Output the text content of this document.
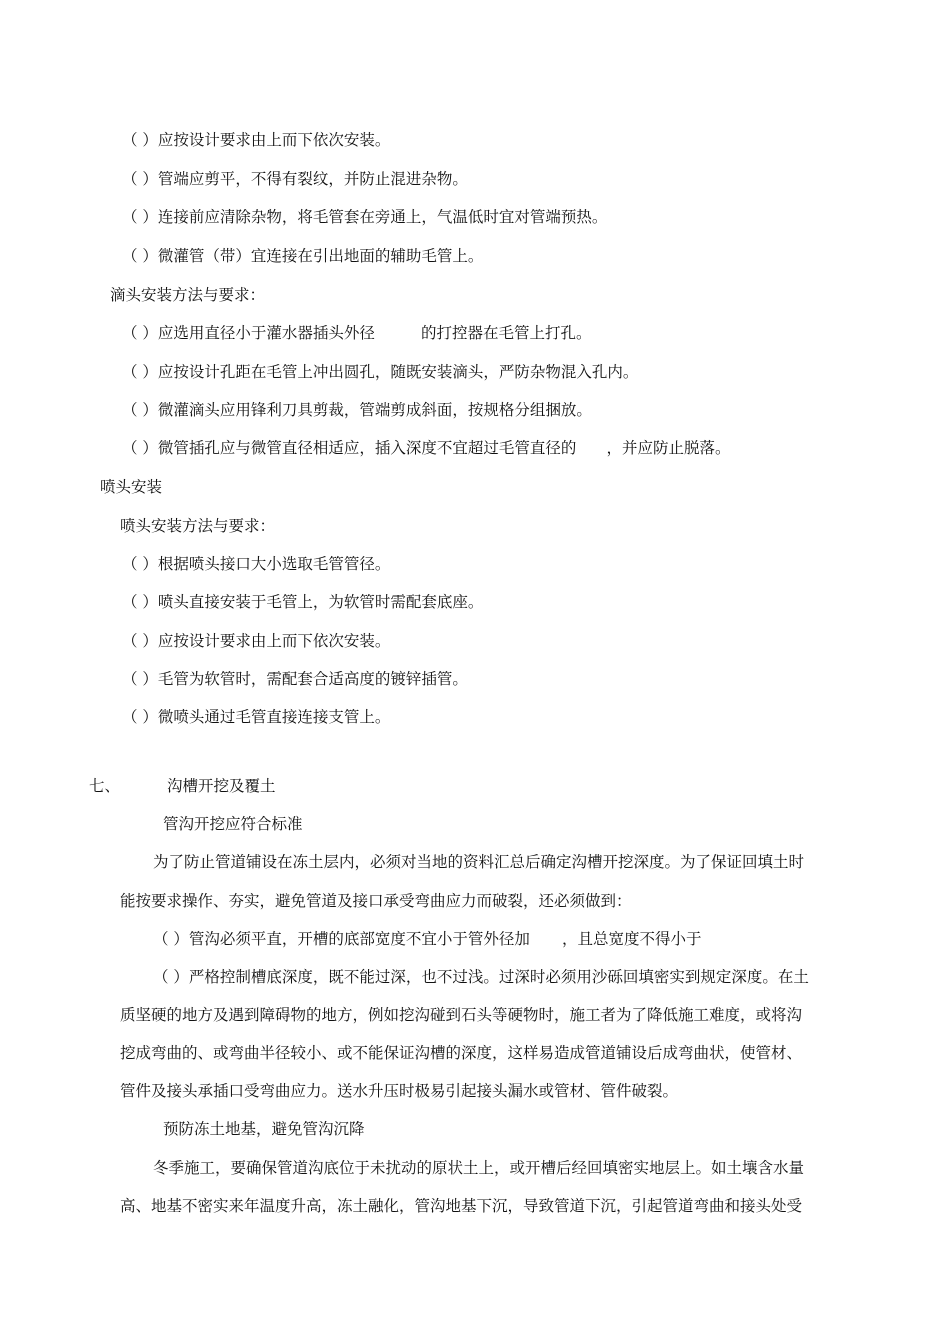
（ ）应按设计要求由上而下依次安装。
（ ）管端应剪平，不得有裂纹，并防止混进杂物。
（ ）连接前应清除杂物，将毛管套在旁通上，气温低时宜对管端预热。
（ ）微灌管（带）宜连接在引出地面的辅助毛管上。
滴头安装方法与要求：
（ ）应选用直径小于灌水器插头外径	的打控器在毛管上打孔。
（ ）应按设计孔距在毛管上冲出圆孔，随既安装滴头，严防杂物混入孔内。
（ ）微灌滴头应用锋利刀具剪裁，管端剪成斜面，按规格分组捆放。
（ ）微管插孔应与微管直径相适应，插入深度不宜超过毛管直径的 ，并应防止脱落。
喷头安装
喷头安装方法与要求：
（ ）根据喷头接口大小选取毛管管径。
（ ）喷头直接安装于毛管上，为软管时需配套底座。
（ ）应按设计要求由上而下依次安装。
（ ）毛管为软管时，需配套合适高度的镀锌插管。
（ ）微喷头通过毛管直接连接支管上。
七、	沟槽开挖及覆土
管沟开挖应符合标准
为了防止管道铺设在冻土层内，必须对当地的资料汇总后确定沟槽开挖深度。为了保证回填土时
能按要求操作、夯实，避免管道及接口承受弯曲应力而破裂，还必须做到：
（ ）管沟必须平直，开槽的底部宽度不宜小于管外径加 ，且总宽度不得小于
（ ）严格控制槽底深度，既不能过深，也不过浅。过深时必须用沙砾回填密实到规定深度。在土
质坚硬的地方及遇到障碍物的地方，例如挖沟碰到石头等硬物时，施工者为了降低施工难度，或将沟
挖成弯曲的、或弯曲半径较小、或不能保证沟槽的深度，这样易造成管道铺设后成弯曲状，使管材、
管件及接头承插口受弯曲应力。送水升压时极易引起接头漏水或管材、管件破裂。
预防冻土地基，避免管沟沉降
冬季施工，要确保管道沟底位于未扰动的原状土上，或开槽后经回填密实地层上。如土壤含水量
高、地基不密实来年温度升高，冻土融化，管沟地基下沉，导致管道下沉，引起管道弯曲和接头处受
